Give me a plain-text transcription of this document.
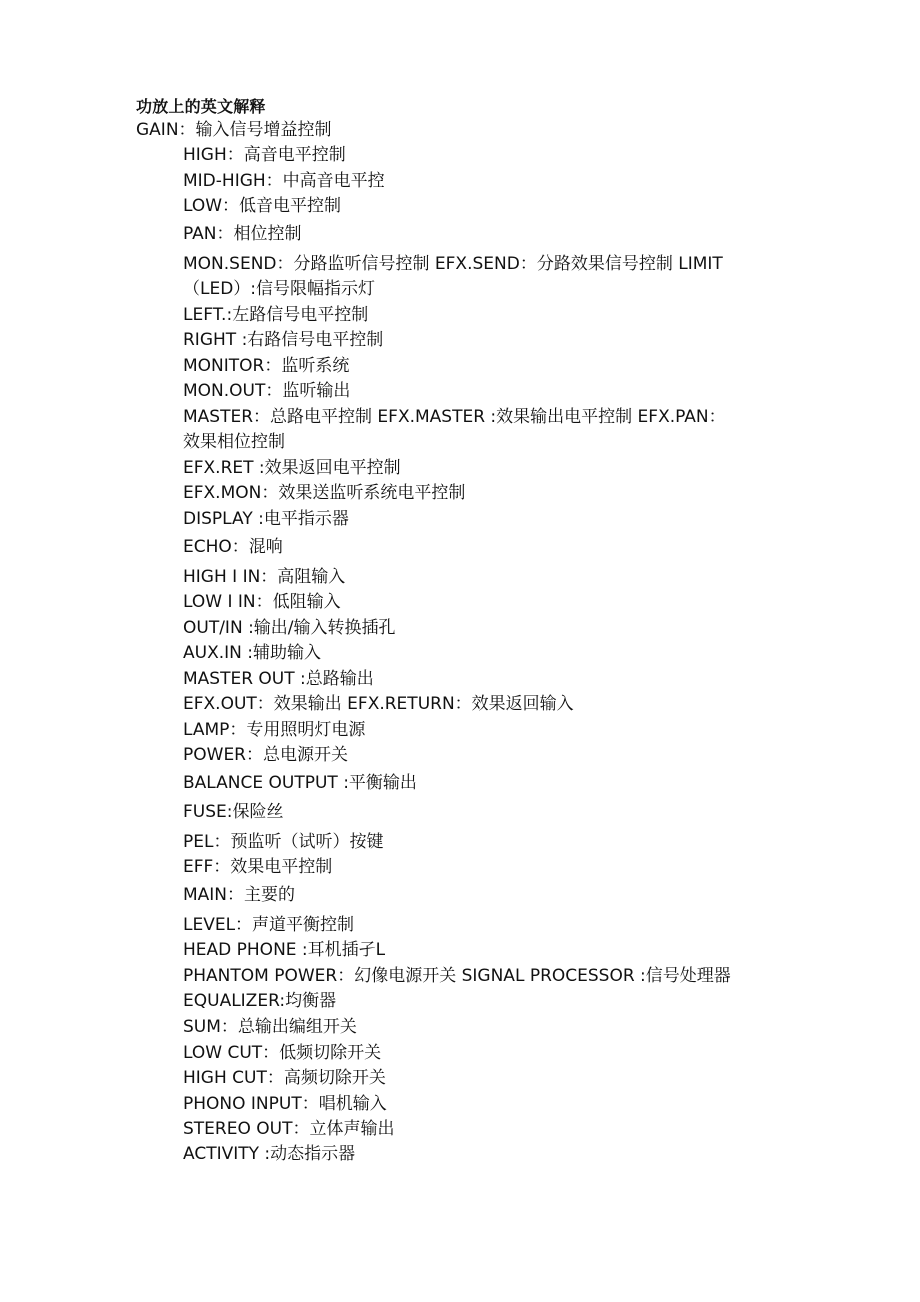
功放上的英文解释
GAIN：输入信号增益控制
HIGH：高音电平控制
MID-HIGH：中高音电平控
LOW：低音电平控制
PAN：相位控制
MON.SEND：分路监听信号控制 EFX.SEND：分路效果信号控制 LIMIT
（LED）:信号限幅指示灯
LEFT.:左路信号电平控制
RIGHT :右路信号电平控制
MONITOR：监听系统
MON.OUT：监听输出
MASTER：总路电平控制 EFX.MASTER :效果输出电平控制 EFX.PAN：
效果相位控制
EFX.RET :效果返回电平控制
EFX.MON：效果送监听系统电平控制
DISPLAY :电平指示器
ECHO：混响
HIGH I IN：高阻输入
LOW I IN：低阻输入
OUT/IN :输出/输入转换插孔
AUX.IN :辅助输入
MASTER OUT :总路输出
EFX.OUT：效果输出 EFX.RETURN：效果返回输入
LAMP：专用照明灯电源
POWER：总电源开关
BALANCE OUTPUT :平衡输出
FUSE:保险丝
PEL：预监听（试听）按键
EFF：效果电平控制
MAIN：主要的
LEVEL：声道平衡控制
HEAD PHONE :耳机插孑L
PHANTOM POWER：幻像电源开关 SIGNAL PROCESSOR :信号处理器
EQUALIZER:均衡器
SUM：总输出编组开关
LOW CUT：低频切除开关
HIGH CUT：高频切除开关
PHONO INPUT：唱机输入
STEREO OUT：立体声输出
ACTIVITY :动态指示器
